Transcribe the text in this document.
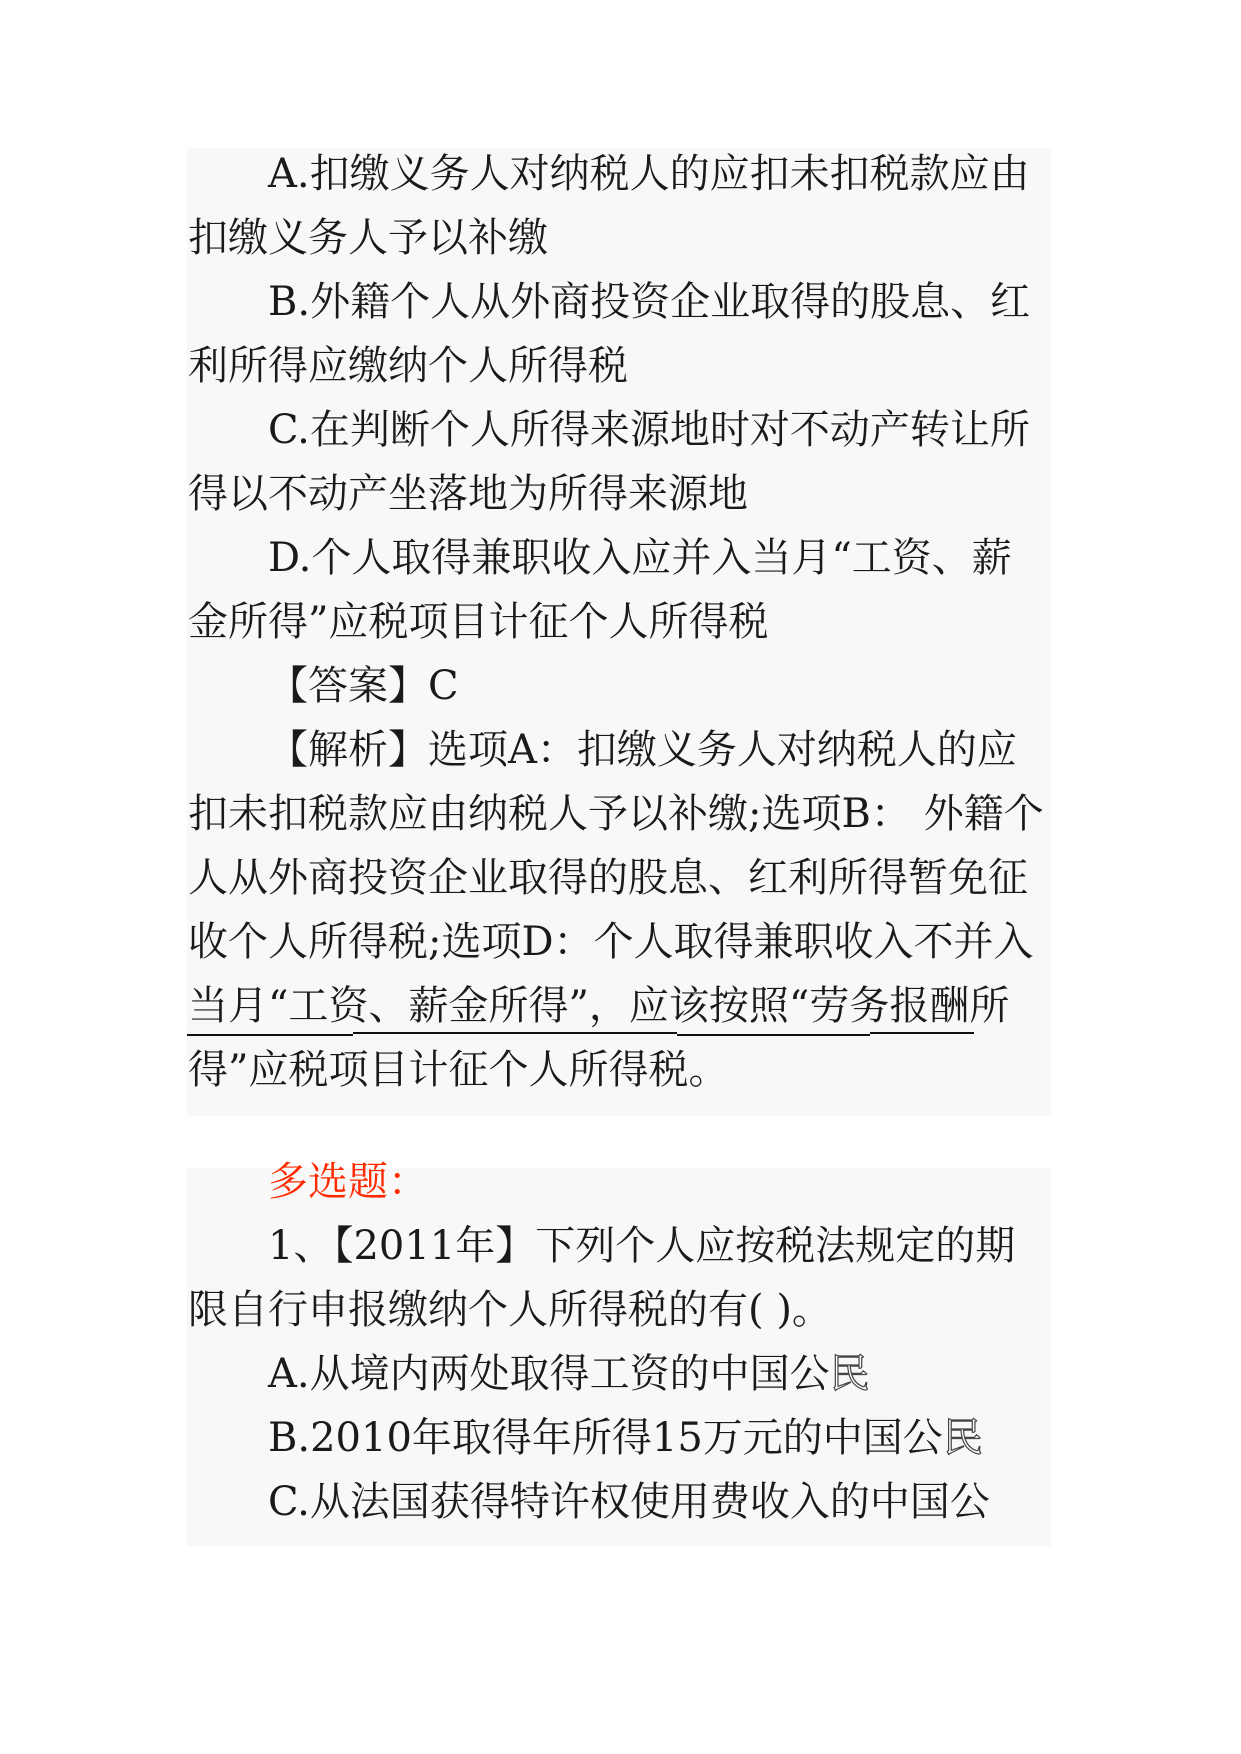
A.扣缴义务人对纳税人的应扣未扣税款应由扣缴义务人予以补缴

B.外籍个人从外商投资企业取得的股息、红利所得应缴纳个人所得税

C.在判断个人所得来源地时对不动产转让所得以不动产坐落地为所得来源地

D.个人取得兼职收入应并入当月“工资、薪金所得”应税项目计征个人所得税

【答案】C

【解析】选项A：扣缴义务人对纳税人的应扣未扣税款应由纳税人予以补缴;选项B： 外籍个人从外商投资企业取得的股息、红利所得暂免征收个人所得税;选项D：个人取得兼职收入不并入当月“工资、薪金所得”，应该按照“劳务报酬所得”应税项目计征个人所得税。

多选题：

1、【2011年】下列个人应按税法规定的期限自行申报缴纳个人所得税的有( )。

A.从境内两处取得工资的中国公民

B.2010年取得年所得15万元的中国公民

C.从法国获得特许权使用费收入的中国公
